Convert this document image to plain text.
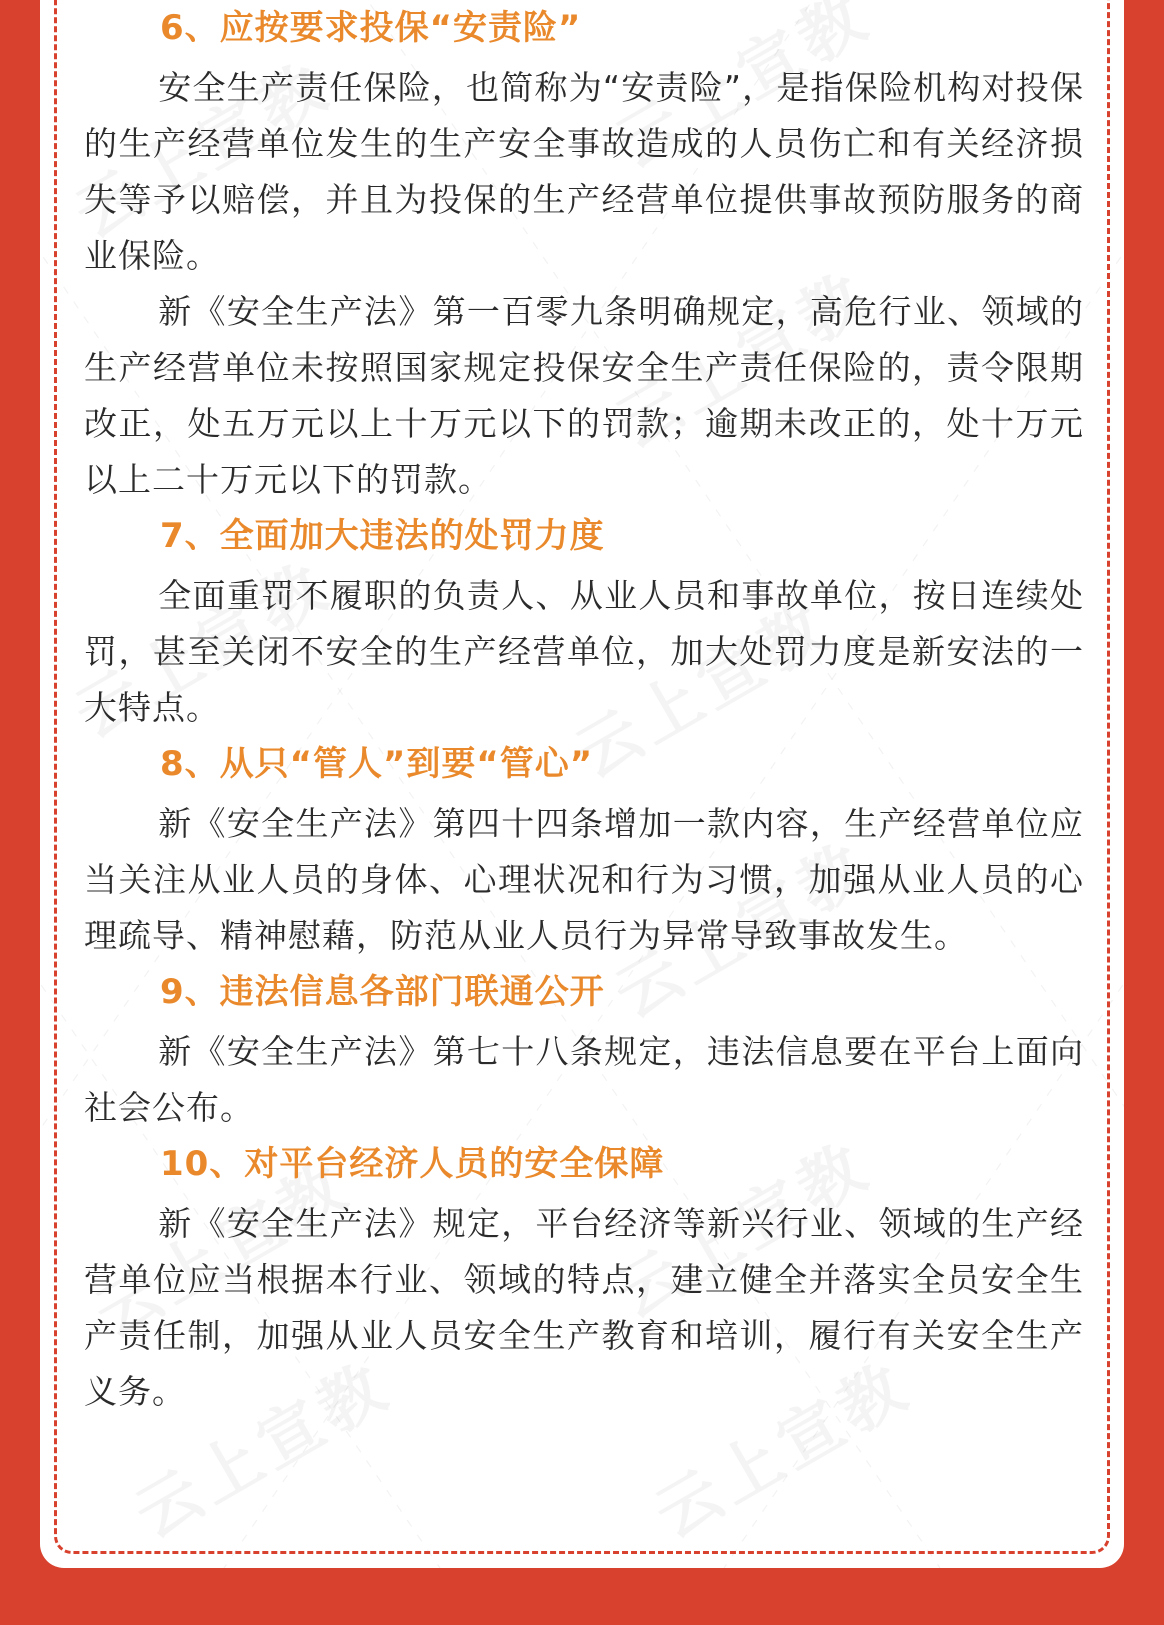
6、应按要求投保“安责险”

安全生产责任保险，也简称为“安责险”，是指保险机构对投保的生产经营单位发生的生产安全事故造成的人员伤亡和有关经济损失等予以赔偿，并且为投保的生产经营单位提供事故预防服务的商业保险。

新《安全生产法》第一百零九条明确规定，高危行业、领域的生产经营单位未按照国家规定投保安全生产责任保险的，责令限期改正，处五万元以上十万元以下的罚款；逾期未改正的，处十万元以上二十万元以下的罚款。

7、全面加大违法的处罚力度

全面重罚不履职的负责人、从业人员和事故单位，按日连续处罚，甚至关闭不安全的生产经营单位，加大处罚力度是新安法的一大特点。

8、从只“管人”到要“管心”

新《安全生产法》第四十四条增加一款内容，生产经营单位应当关注从业人员的身体、心理状况和行为习惯，加强从业人员的心理疏导、精神慰藉，防范从业人员行为异常导致事故发生。

9、违法信息各部门联通公开

新《安全生产法》第七十八条规定，违法信息要在平台上面向社会公布。

10、对平台经济人员的安全保障

新《安全生产法》规定，平台经济等新兴行业、领域的生产经营单位应当根据本行业、领域的特点，建立健全并落实全员安全生产责任制，加强从业人员安全生产教育和培训，履行有关安全生产义务。
